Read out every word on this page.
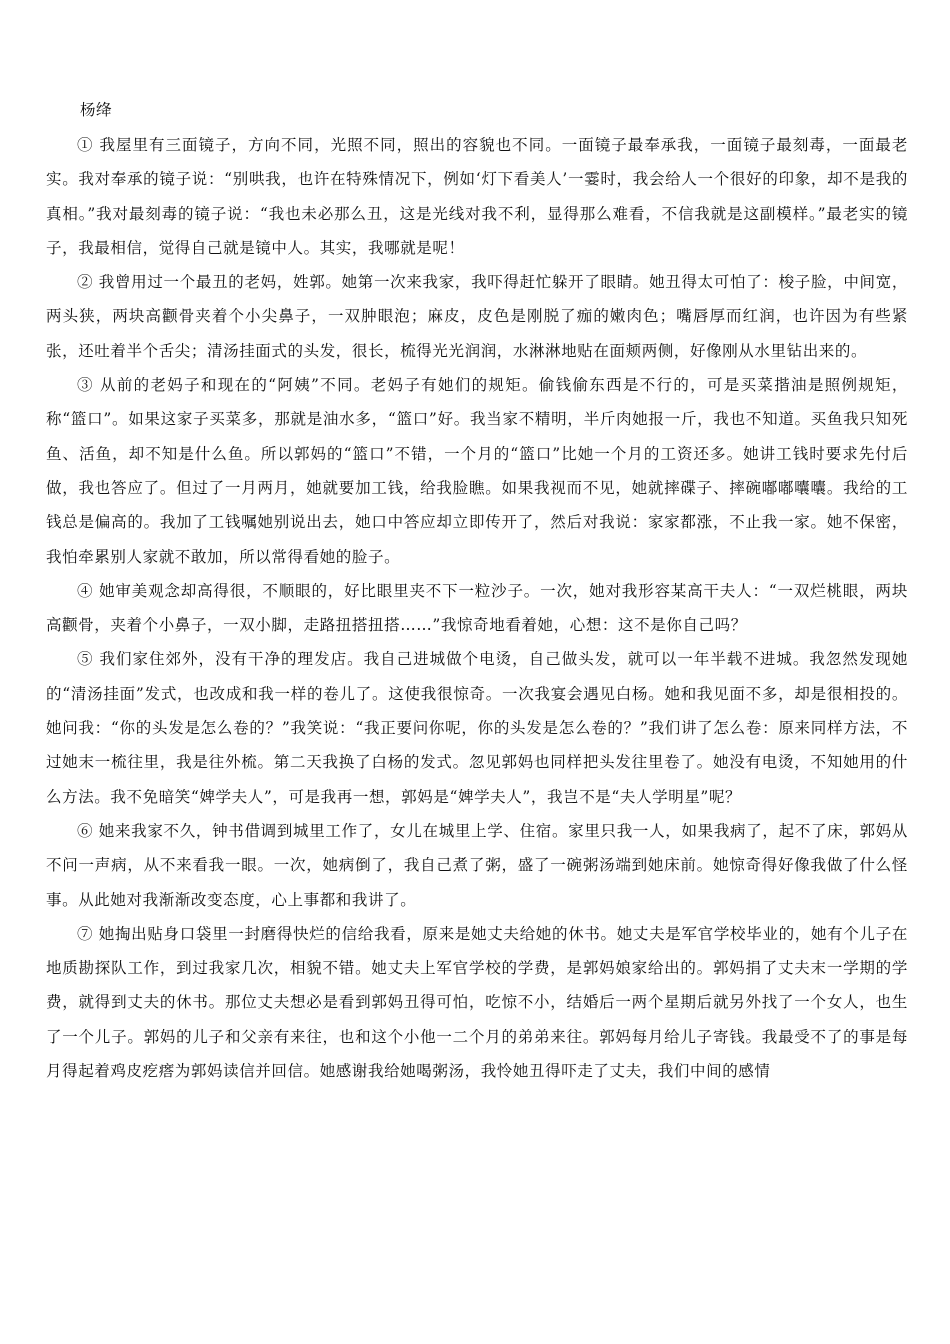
杨绛

① 我屋里有三面镜子，方向不同，光照不同，照出的容貌也不同。一面镜子最奉承我，一面镜子最刻毒，一面最老实。我对奉承的镜子说：“别哄我，也许在特殊情况下，例如‘灯下看美人’一霎时，我会给人一个很好的印象，却不是我的真相。”我对最刻毒的镜子说：“我也未必那么丑，这是光线对我不利，显得那么难看，不信我就是这副模样。”最老实的镜子，我最相信，觉得自己就是镜中人。其实，我哪就是呢！

② 我曾用过一个最丑的老妈，姓郭。她第一次来我家，我吓得赶忙躲开了眼睛。她丑得太可怕了：梭子脸，中间宽，两头狭，两块高颧骨夹着个小尖鼻子，一双肿眼泡；麻皮，皮色是刚脱了痂的嫩肉色；嘴唇厚而红润，也许因为有些紧张，还吐着半个舌尖；清汤挂面式的头发，很长，梳得光光润润，水淋淋地贴在面颊两侧，好像刚从水里钻出来的。

③ 从前的老妈子和现在的“阿姨”不同。老妈子有她们的规矩。偷钱偷东西是不行的，可是买菜揩油是照例规矩，称“篮口”。如果这家子买菜多，那就是油水多，“篮口”好。我当家不精明，半斤肉她报一斤，我也不知道。买鱼我只知死鱼、活鱼，却不知是什么鱼。所以郭妈的“篮口”不错，一个月的“篮口”比她一个月的工资还多。她讲工钱时要求先付后做，我也答应了。但过了一月两月，她就要加工钱，给我脸瞧。如果我视而不见，她就摔碟子、摔碗嘟嘟囔囔。我给的工钱总是偏高的。我加了工钱嘱她别说出去，她口中答应却立即传开了，然后对我说：家家都涨，不止我一家。她不保密，我怕牵累别人家就不敢加，所以常得看她的脸子。

④ 她审美观念却高得很，不顺眼的，好比眼里夹不下一粒沙子。一次，她对我形容某高干夫人：“一双烂桃眼，两块高颧骨，夹着个小鼻子，一双小脚，走路扭搭扭搭……”我惊奇地看着她，心想：这不是你自己吗？

⑤ 我们家住郊外，没有干净的理发店。我自己进城做个电烫，自己做头发，就可以一年半载不进城。我忽然发现她的“清汤挂面”发式，也改成和我一样的卷儿了。这使我很惊奇。一次我宴会遇见白杨。她和我见面不多，却是很相投的。她问我：“你的头发是怎么卷的？”我笑说：“我正要问你呢，你的头发是怎么卷的？”我们讲了怎么卷：原来同样方法，不过她末一梳往里，我是往外梳。第二天我换了白杨的发式。忽见郭妈也同样把头发往里卷了。她没有电烫，不知她用的什么方法。我不免暗笑“婢学夫人”，可是我再一想，郭妈是“婢学夫人”，我岂不是“夫人学明星”呢？

⑥ 她来我家不久，钟书借调到城里工作了，女儿在城里上学、住宿。家里只我一人，如果我病了，起不了床，郭妈从不问一声病，从不来看我一眼。一次，她病倒了，我自己煮了粥，盛了一碗粥汤端到她床前。她惊奇得好像我做了什么怪事。从此她对我渐渐改变态度，心上事都和我讲了。

⑦ 她掏出贴身口袋里一封磨得快烂的信给我看，原来是她丈夫给她的休书。她丈夫是军官学校毕业的，她有个儿子在地质勘探队工作，到过我家几次，相貌不错。她丈夫上军官学校的学费，是郭妈娘家给出的。郭妈捐了丈夫末一学期的学费，就得到丈夫的休书。那位丈夫想必是看到郭妈丑得可怕，吃惊不小，结婚后一两个星期后就另外找了一个女人，也生了一个儿子。郭妈的儿子和父亲有来往，也和这个小他一二个月的弟弟来往。郭妈每月给儿子寄钱。我最受不了的事是每月得起着鸡皮疙瘩为郭妈读信并回信。她感谢我给她喝粥汤，我怜她丑得吓走了丈夫，我们中间的感情
